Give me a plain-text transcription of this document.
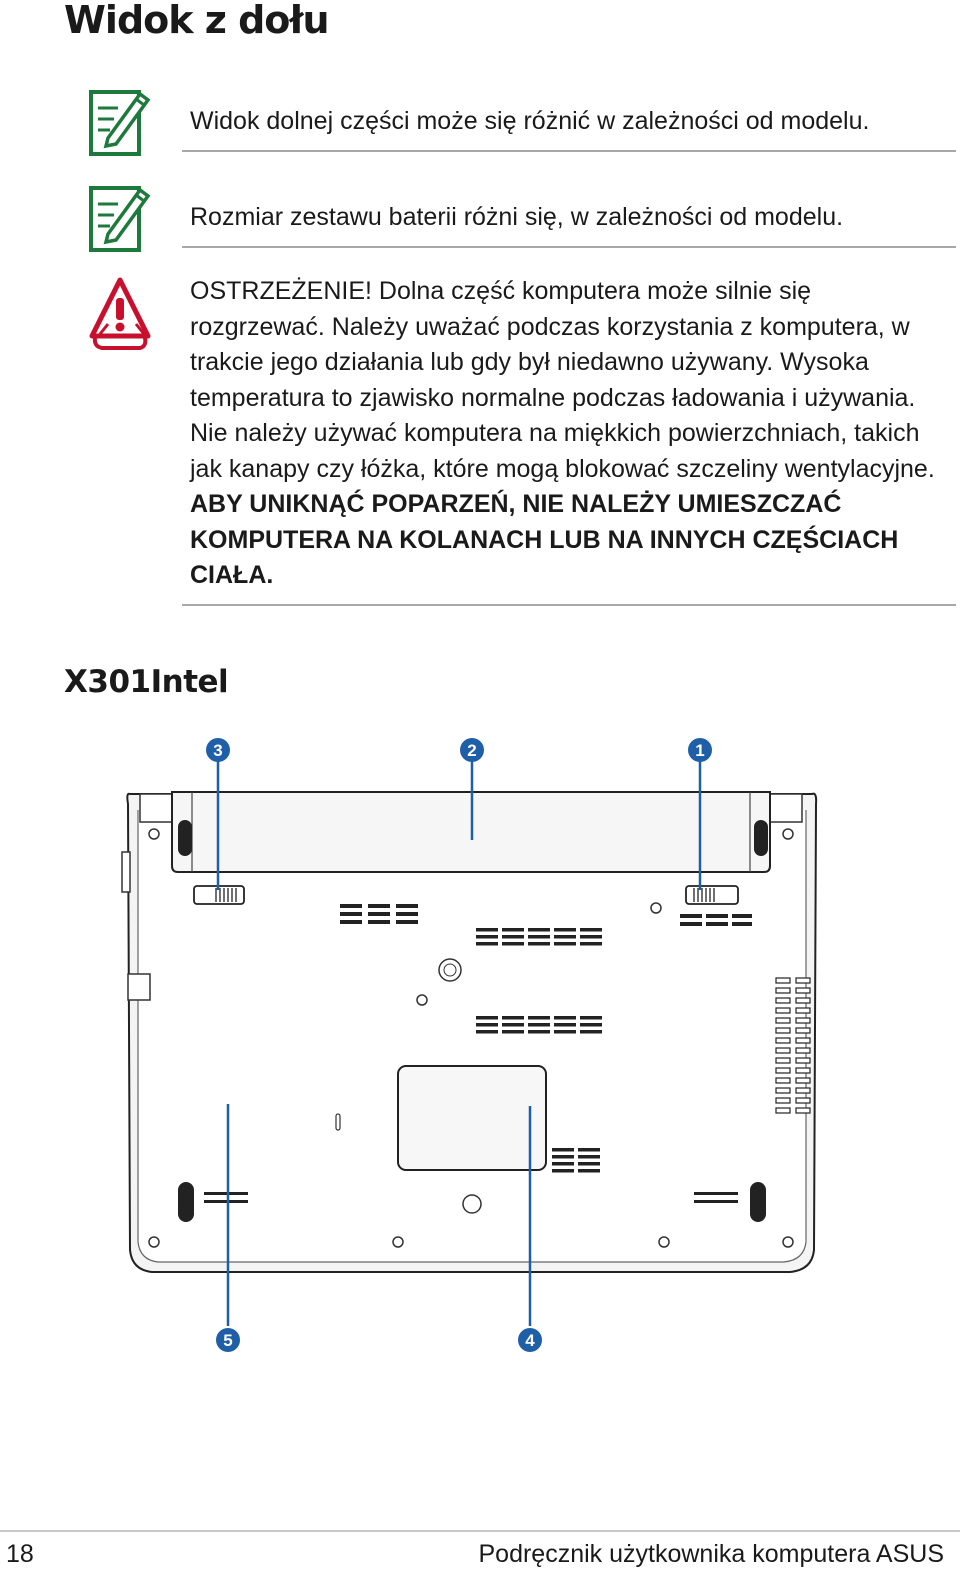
Widok z dołu
Widok dolnej części może się różnić w zależności od modelu.
Rozmiar zestawu baterii różni się, w zależności od modelu.
OSTRZEŻENIE! Dolna część komputera może silnie się rozgrzewać. Należy uważać podczas korzystania z komputera, w trakcie jego działania lub gdy był niedawno używany. Wysoka temperatura to zjawisko normalne podczas ładowania i używania. Nie należy używać komputera na miękkich powierzchniach, takich jak kanapy czy łóżka, które mogą blokować szczeliny wentylacyjne. ABY UNIKNĄĆ POPARZEŃ, NIE NALEŻY UMIESZCZAĆ KOMPUTERA NA KOLANACH LUB NA INNYCH CZĘŚCIACH CIAŁA.
X301Intel
1
2
3
4
5
18	Podręcznik użytkownika komputera ASUS
